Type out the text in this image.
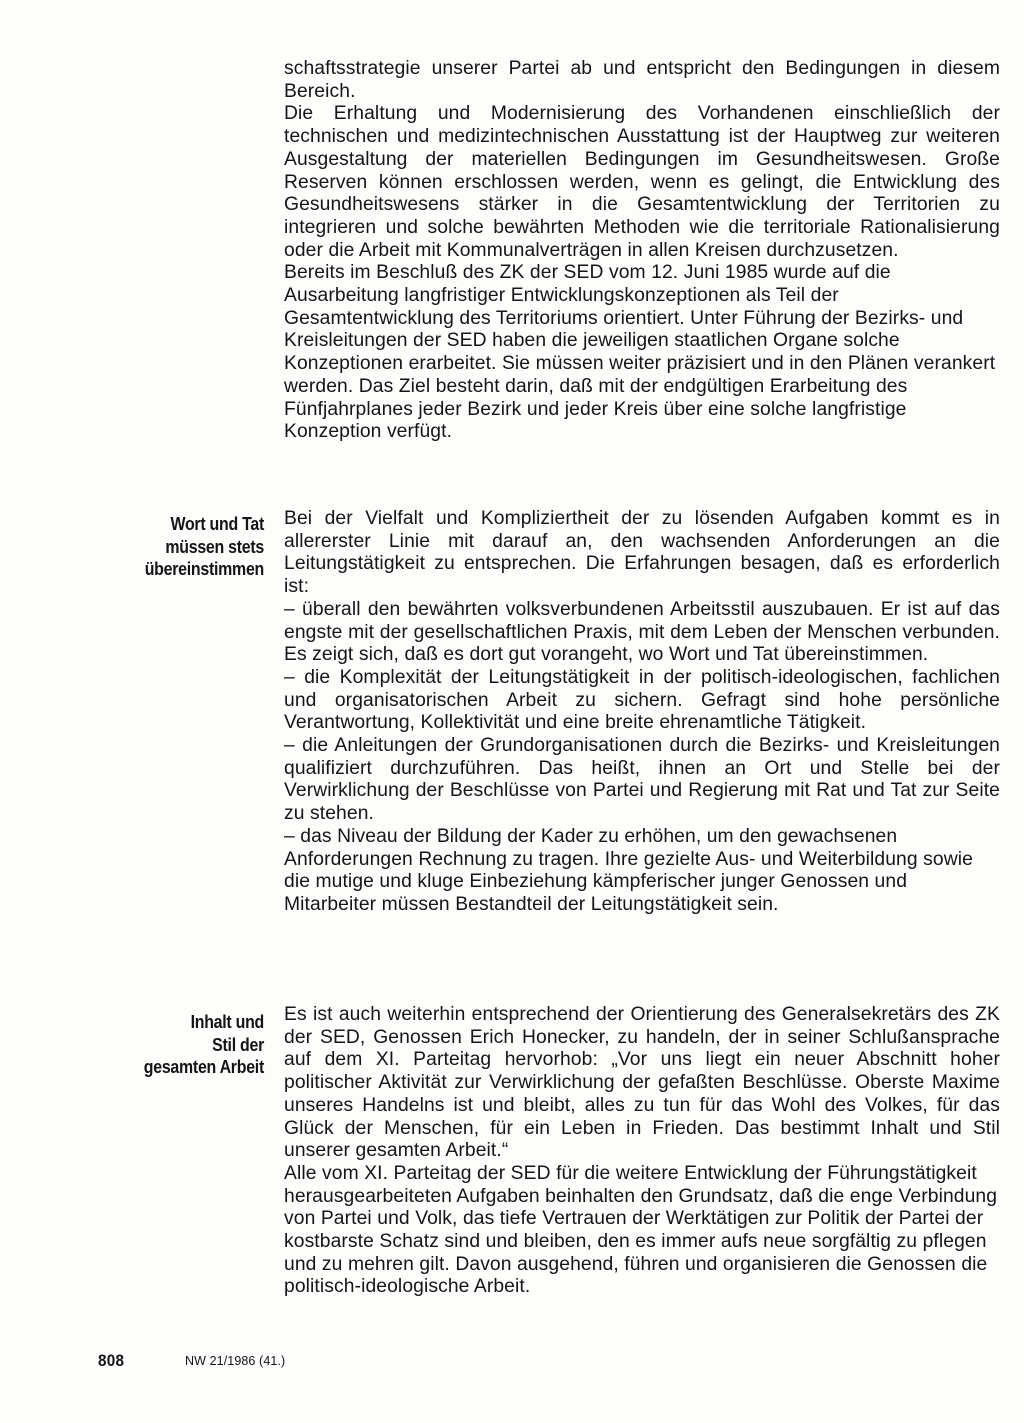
schaftsstrategie unserer Partei ab und entspricht den Bedingungen in diesem Bereich.

Die Erhaltung und Modernisierung des Vorhandenen einschließlich der technischen und medizintechnischen Ausstattung ist der Hauptweg zur weiteren Ausgestaltung der materiellen Bedingungen im Gesundheitswesen. Große Reserven können erschlossen werden, wenn es gelingt, die Entwicklung des Gesundheitswesens stärker in die Gesamtentwicklung der Territorien zu integrieren und solche bewährten Methoden wie die territoriale Rationalisierung oder die Arbeit mit Kommunalverträgen in allen Kreisen durchzusetzen.

Bereits im Beschluß des ZK der SED vom 12. Juni 1985 wurde auf die Ausarbeitung langfristiger Entwicklungskonzeptionen als Teil der Gesamtentwicklung des Territoriums orientiert. Unter Führung der Bezirks- und Kreisleitungen der SED haben die jeweiligen staatlichen Organe solche Konzeptionen erarbeitet. Sie müssen weiter präzisiert und in den Plänen verankert werden. Das Ziel besteht darin, daß mit der endgültigen Erarbeitung des Fünfjahrplanes jeder Bezirk und jeder Kreis über eine solche langfristige Konzeption verfügt.

Wort und Tat
müssen stets
übereinstimmen

Bei der Vielfalt und Kompliziertheit der zu lösenden Aufgaben kommt es in allererster Linie mit darauf an, den wachsenden Anforderungen an die Leitungstätigkeit zu entsprechen. Die Erfahrungen besagen, daß es erforderlich ist:

– überall den bewährten volksverbundenen Arbeitsstil auszubauen. Er ist auf das engste mit der gesellschaftlichen Praxis, mit dem Leben der Menschen verbunden. Es zeigt sich, daß es dort gut vorangeht, wo Wort und Tat übereinstimmen.

– die Komplexität der Leitungstätigkeit in der politisch-ideologischen, fachlichen und organisatorischen Arbeit zu sichern. Gefragt sind hohe persönliche Verantwortung, Kollektivität und eine breite ehrenamtliche Tätigkeit.

– die Anleitungen der Grundorganisationen durch die Bezirks- und Kreisleitungen qualifiziert durchzuführen. Das heißt, ihnen an Ort und Stelle bei der Verwirklichung der Beschlüsse von Partei und Regierung mit Rat und Tat zur Seite zu stehen.

– das Niveau der Bildung der Kader zu erhöhen, um den gewachsenen Anforderungen Rechnung zu tragen. Ihre gezielte Aus- und Weiterbildung sowie die mutige und kluge Einbeziehung kämpferischer junger Genossen und Mitarbeiter müssen Bestandteil der Leitungstätigkeit sein.

Inhalt und
Stil der
gesamten Arbeit

Es ist auch weiterhin entsprechend der Orientierung des Generalsekretärs des ZK der SED, Genossen Erich Honecker, zu handeln, der in seiner Schlußansprache auf dem XI. Parteitag hervorhob: „Vor uns liegt ein neuer Abschnitt hoher politischer Aktivität zur Verwirklichung der gefaßten Beschlüsse. Oberste Maxime unseres Handelns ist und bleibt, alles zu tun für das Wohl des Volkes, für das Glück der Menschen, für ein Leben in Frieden. Das bestimmt Inhalt und Stil unserer gesamten Arbeit.“

Alle vom XI. Parteitag der SED für die weitere Entwicklung der Führungstätigkeit herausgearbeiteten Aufgaben beinhalten den Grundsatz, daß die enge Verbindung von Partei und Volk, das tiefe Vertrauen der Werktätigen zur Politik der Partei der kostbarste Schatz sind und bleiben, den es immer aufs neue sorgfältig zu pflegen und zu mehren gilt. Davon ausgehend, führen und organisieren die Genossen die politisch-ideologische Arbeit.

808	NW 21/1986 (41.)
